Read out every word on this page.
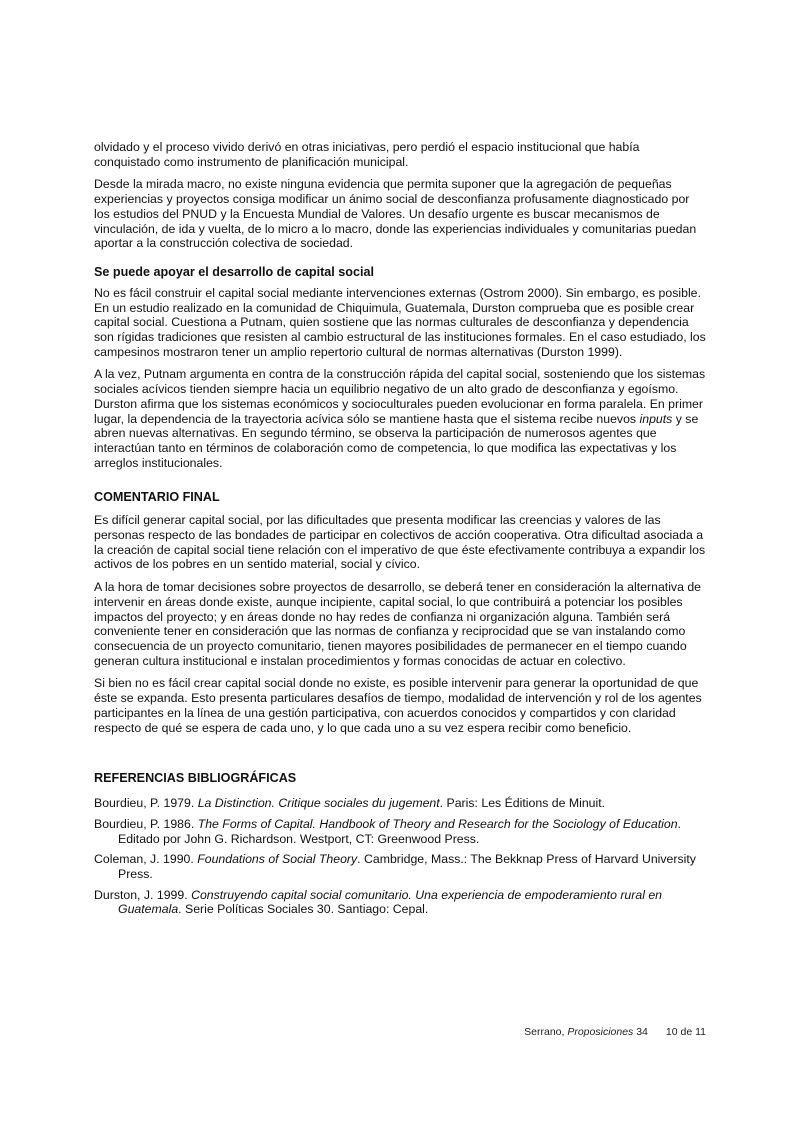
olvidado y el proceso vivido derivó en otras iniciativas, pero perdió el espacio institucional que había conquistado como instrumento de planificación municipal.

Desde la mirada macro, no existe ninguna evidencia que permita suponer que la agregación de pequeñas experiencias y proyectos consiga modificar un ánimo social de desconfianza profusamente diagnosticado por los estudios del PNUD y la Encuesta Mundial de Valores. Un desafío urgente es buscar mecanismos de vinculación, de ida y vuelta, de lo micro a lo macro, donde las experiencias individuales y comunitarias puedan aportar a la construcción colectiva de sociedad.

Se puede apoyar el desarrollo de capital social

No es fácil construir el capital social mediante intervenciones externas (Ostrom 2000). Sin embargo, es posible. En un estudio realizado en la comunidad de Chiquimula, Guatemala, Durston comprueba que es posible crear capital social. Cuestiona a Putnam, quien sostiene que las normas culturales de desconfianza y dependencia son rígidas tradiciones que resisten al cambio estructural de las instituciones formales. En el caso estudiado, los campesinos mostraron tener un amplio repertorio cultural de normas alternativas (Durston 1999).

A la vez, Putnam argumenta en contra de la construcción rápida del capital social, sosteniendo que los sistemas sociales acívicos tienden siempre hacia un equilibrio negativo de un alto grado de desconfianza y egoísmo. Durston afirma que los sistemas económicos y socioculturales pueden evolucionar en forma paralela. En primer lugar, la dependencia de la trayectoria acívica sólo se mantiene hasta que el sistema recibe nuevos inputs y se abren nuevas alternativas. En segundo término, se observa la participación de numerosos agentes que interactúan tanto en términos de colaboración como de competencia, lo que modifica las expectativas y los arreglos institucionales.

COMENTARIO FINAL

Es difícil generar capital social, por las dificultades que presenta modificar las creencias y valores de las personas respecto de las bondades de participar en colectivos de acción cooperativa. Otra dificultad asociada a la creación de capital social tiene relación con el imperativo de que éste efectivamente contribuya a expandir los activos de los pobres en un sentido material, social y cívico.

A la hora de tomar decisiones sobre proyectos de desarrollo, se deberá tener en consideración la alternativa de intervenir en áreas donde existe, aunque incipiente, capital social, lo que contribuirá a potenciar los posibles impactos del proyecto; y en áreas donde no hay redes de confianza ni organización alguna. También será conveniente tener en consideración que las normas de confianza y reciprocidad que se van instalando como consecuencia de un proyecto comunitario, tienen mayores posibilidades de permanecer en el tiempo cuando generan cultura institucional e instalan procedimientos y formas conocidas de actuar en colectivo.

Si bien no es fácil crear capital social donde no existe, es posible intervenir para generar la oportunidad de que éste se expanda. Esto presenta particulares desafíos de tiempo, modalidad de intervención y rol de los agentes participantes en la línea de una gestión participativa, con acuerdos conocidos y compartidos y con claridad respecto de qué se espera de cada uno, y lo que cada uno a su vez espera recibir como beneficio.

REFERENCIAS BIBLIOGRÁFICAS

Bourdieu, P. 1979. La Distinction. Critique sociales du jugement. Paris: Les Éditions de Minuit.

Bourdieu, P. 1986. The Forms of Capital. Handbook of Theory and Research for the Sociology of Education. Editado por John G. Richardson. Westport, CT: Greenwood Press.

Coleman, J. 1990. Foundations of Social Theory. Cambridge, Mass.: The Bekknap Press of Harvard University Press.

Durston, J. 1999. Construyendo capital social comunitario. Una experiencia de empoderamiento rural en Guatemala. Serie Políticas Sociales 30. Santiago: Cepal.

Serrano, Proposiciones 34 10 de 11
